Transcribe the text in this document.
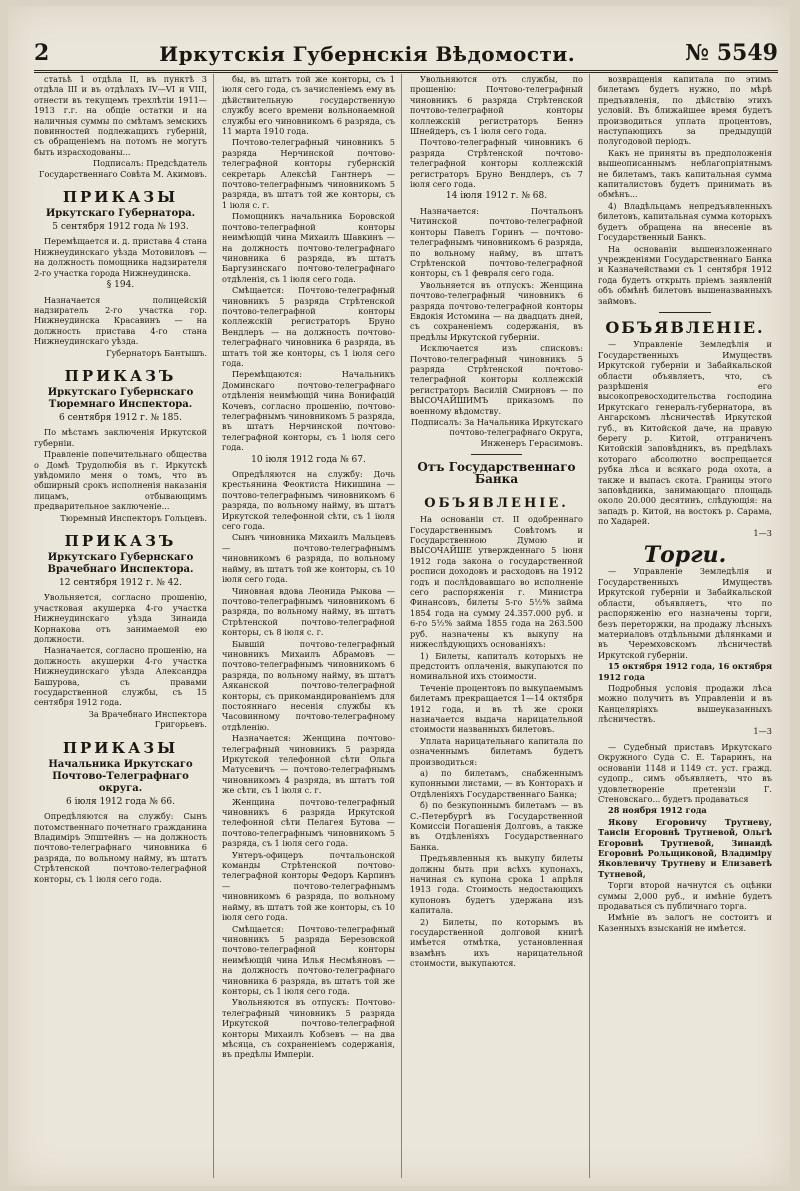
2	Иркутскія Губернскія Вѣдомости.	№ 5549

статьѣ 1 отдѣла II, въ пунктѣ 3 отдѣла III и въ отдѣлахъ IV—VI и VIII, отнести въ текущемъ трехлѣтіи 1911—1913 г.г. на общіе остатки и на наличныя суммы по смѣтамъ земскихъ повинностей подлежащихъ губерній, съ обращеніемъ на потомъ не могутъ быть израсходованы...

Подписалъ: Предсѣдатель Государственнаго Совѣта М. Акимовъ.

ПРИКАЗЫ
Иркутскаго Губернатора.
5 сентября 1912 года № 193.

Перемѣщается и. д. пристава 4 стана Нижнеудинскаго уѣзда Мотовиловъ — на должность помощника надзирателя 2-го участка города Нижнеудинска.

§ 194.

Назначается полицейскій надзиратель 2-го участка гор. Нижнеудинска Красавинъ — на должность пристава 4-го стана Нижнеудинскаго уѣзда.

Губернаторъ Бантышъ.

ПРИКАЗЪ
Иркутскаго Губернскаго Тюремнаго Инспектора.
6 сентября 1912 г. № 185.

По мѣстамъ заключенія Иркутской губерніи.

Правленіе попечительнаго общества о Домѣ Трудолюбія въ г. Иркутскѣ увѣдомило меня о томъ, что въ обширный срокъ исполненія наказанія лицамъ, отбывающимъ предварительное заключеніе...

Тюремный Инспекторъ Гольцевъ.

ПРИКАЗЪ
Иркутскаго Губернскаго Врачебнаго Инспектора.
12 сентября 1912 г. № 42.

Увольняется, согласно прошенію, участковая акушерка 4-го участка Нижнеудинскаго уѣзда Зинаида Корнакова отъ занимаемой ею должности.

Назначается, согласно прошенію, на должность акушерки 4-го участка Нижнеудинскаго уѣзда Александра Башурова, съ правами государственной службы, съ 15 сентября 1912 года.

За Врачебнаго Инспектора Григорьевъ.

ПРИКАЗЫ
Начальника Иркутскаго Почтово-Телеграфнаго округа.
6 іюля 1912 года № 66.

Опредѣляются на службу: Сынъ потомственнаго почетнаго гражданина Владиміръ Эпштейнъ — на должность почтово-телеграфнаго чиновника 6 разряда, по вольному найму, въ штатъ Стрѣтенской почтово-телеграфной конторы, съ 1 іюля сего года.

бы, въ штатъ той же конторы, съ 1 іюля сего года, съ зачисленіемъ ему въ дѣйствительную государственную службу всего времени вольнонаемной службы его чиновникомъ 6 разряда, съ 11 марта 1910 года.

Почтово-телеграфный чиновникъ 5 разряда Нерчинской почтово-телеграфной конторы губернскій секретарь Алексѣй Гантнеръ — почтово-телеграфнымъ чиновникомъ 5 разряда, въ штатъ той же конторы, съ 1 іюля с. г.

Помощникъ начальника Боровской почтово-телеграфной конторы неимѣющій чина Михаилъ Шавкинъ — на должность почтово-телеграфнаго чиновника 6 разряда, въ штатъ Баргузинскаго почтово-телеграфнаго отдѣленія, съ 1 іюля сего года.

Смѣщается: Почтово-телеграфный чиновникъ 5 разряда Стрѣтенской почтово-телеграфной конторы коллежскій регистраторъ Бруно Вендлеръ — на должность почтово-телеграфнаго чиновника 6 разряда, въ штатъ той же конторы, съ 1 іюля сего года.

Перемѣщаются: Начальникъ Доминскаго почтово-телеграфнаго отдѣленія неимѣющій чина Вонифацій Кочевъ, согласно прошенію, почтово-телеграфнымъ чиновникомъ 5 разряда, въ штатъ Нерчинской почтово-телеграфной конторы, съ 1 іюля сего года.

10 іюля 1912 года № 67.

Опредѣляются на службу: Дочь крестьянина Феоктиста Никишина — почтово-телеграфнымъ чиновникомъ 6 разряда, по вольному найму, въ штатъ Иркутской телефонной сѣти, съ 1 іюля сего года.

Сынъ чиновника Михаилъ Мальцевъ — почтово-телеграфнымъ чиновникомъ 6 разряда, по вольному найму, въ штатъ той же конторы, съ 10 іюля сего года.

Чиновная вдова Леонида Рыкова — почтово-телеграфнымъ чиновникомъ 6 разряда, по вольному найму, въ штатъ Стрѣтенской почтово-телеграфной конторы, съ 8 іюля с. г.

Бывшій почтово-телеграфный чиновникъ Михаилъ Абрамовъ — почтово-телеграфнымъ чиновникомъ 6 разряда, по вольному найму, въ штатъ Аяканской почтово-телеграфной конторы, съ прикомандированіемъ для постояннаго несенія службы къ Часовинному почтово-телеграфному отдѣленію.

Назначается: Женщина почтово-телеграфный чиновникъ 5 разряда Иркутской телефонной сѣти Ольга Матусевичъ — почтово-телеграфнымъ чиновникомъ 4 разряда, въ штатъ той же сѣти, съ 1 іюля с. г.

Женщина почтово-телеграфный чиновникъ 6 разряда Иркутской телефонной сѣти Пелагея Бутова — почтово-телеграфнымъ чиновникомъ 5 разряда, съ 1 іюля сего года.

Унтеръ-офицеръ почтальонской команды Стрѣтенской почтово-телеграфной конторы Федоръ Карпинъ — почтово-телеграфнымъ чиновникомъ 6 разряда, по вольному найму, въ штатъ той же конторы, съ 10 іюля сего года.

Смѣщается: Почтово-телеграфный чиновникъ 5 разряда Березовской почтово-телеграфной конторы неимѣющій чина Илья Несмѣяновъ — на должность почтово-телеграфнаго чиновника 6 разряда, въ штатъ той же конторы, съ 1 іюля сего года.

Увольняются въ отпускъ: Почтово-телеграфный чиновникъ 5 разряда Иркутской почтово-телеграфной конторы Михаилъ Кобзевъ — на два мѣсяца, съ сохраненіемъ содержанія, въ предѣлы Имперіи.

Увольняются отъ службы, по прошенію: Почтово-телеграфный чиновникъ 6 разряда Стрѣтенской почтово-телеграфной конторы коллежскій регистраторъ Беннэ Шнейдеръ, съ 1 іюля сего года.

Почтово-телеграфный чиновникъ 6 разряда Стрѣтенской почтово-телеграфной конторы коллежскій регистраторъ Бруно Вендлеръ, съ 7 іюля сего года.

14 іюля 1912 г. № 68.

Назначается: Почтальонъ Читинской почтово-телеграфной конторы Павелъ Горинъ — почтово-телеграфнымъ чиновникомъ 6 разряда, по вольному найму, въ штатъ Стрѣтенской почтово-телеграфной конторы, съ 1 февраля сего года.

Увольняется въ отпускъ: Женщина почтово-телеграфный чиновникъ 6 разряда почтово-телеграфной конторы Евдокія Истомина — на двадцать дней, съ сохраненіемъ содержанія, въ предѣлы Иркутской губерніи.

Исключается изъ списковъ: Почтово-телеграфный чиновникъ 5 разряда Стрѣтенской почтово-телеграфной конторы коллежскій регистраторъ Василій Смирновъ — по ВЫСОЧАЙШИМЪ приказомъ по военному вѣдомству.

Подписалъ: За Начальника Иркутскаго почтово-телеграфнаго Округа, Инженеръ Герасимовъ.

Отъ Государственнаго Банка
ОБЪЯВЛЕНІЕ.

На основаніи ст. II одобреннаго Государственнымъ Совѣтомъ и Государственною Думою и ВЫСОЧАЙШЕ утвержденнаго 5 іюня 1912 года закона о государственной росписи доходовъ и расходовъ на 1912 годъ и послѣдовавшаго во исполненіе сего распоряженія г. Министра Финансовъ, билеты 5-го 5½% займа 1854 года на сумму 24.357.000 руб. и 6-го 5½% займа 1855 года на 263.500 руб. назначены къ выкупу на нижеслѣдующихъ основаніяхъ:

1) Билеты, капиталъ которыхъ не предстоитъ оплаченія, выкупаются по номинальной ихъ стоимости.

Теченіе процентовъ по выкупаемымъ билетамъ прекращается 1—14 октября 1912 года, и въ тѣ же сроки назначается выдача нарицательной стоимости названныхъ билетовъ.

Уплата нарицательнаго капитала по означеннымъ билетамъ будетъ производиться:

а) по билетамъ, снабженнымъ купонными листами, — въ Конторахъ и Отдѣленіяхъ Государственнаго Банка;

б) по безкупоннымъ билетамъ — въ С.-Петербургѣ въ Государственной Комиссіи Погашенія Долговъ, а также въ Отдѣленіяхъ Государственнаго Банка.

Предъявленныя къ выкупу билеты должны быть при всѣхъ купонахъ, начиная съ купона срока 1 апрѣля 1913 года. Стоимость недостающихъ купоновъ будетъ удержана изъ капитала.

2) Билеты, по которымъ въ государственной долговой книгѣ имѣется отмѣтка, установленная взамѣнъ ихъ нарицательной стоимости, выкупаются.

возвращенія капитала по этимъ билетамъ будетъ нужно, по мѣрѣ предъявленія, по дѣйствію этихъ условій. Въ ближайшее время будетъ производиться уплата процентовъ, наступающихъ за предыдущій полугодовой періодъ.

Какъ не приняты въ предположенія вышеописаннымъ неблагопріятнымъ не билетамъ, такъ капитальная сумма капиталистовъ будетъ принимать въ обмѣнъ...

4) Владѣльцамъ непредъявленныхъ билетовъ, капитальная сумма которыхъ будетъ обращена на внесеніе въ Государственный Банкъ.

На основаніи вышеизложеннаго учрежденіями Государственнаго Банка и Казначействами съ 1 сентября 1912 года будетъ открыть пріемъ заявленій объ обмѣнѣ билетовъ вышеназванныхъ займовъ.

ОБЪЯВЛЕНІЕ.

— Управленіе Земледѣлія и Государственныхъ Имуществъ Иркутской губерніи и Забайкальской области объявляетъ, что, съ разрѣшенія его высокопревосходительства господина Иркутскаго генералъ-губернатора, въ Ангарскомъ лѣсничествѣ Иркутской губ., въ Китойской даче, на правую берегу р. Китой, отграниченъ Китойскій заповѣдникъ, въ предѣлахъ котораго абсолютно воспрещается рубка лѣса и всякаго рода охота, а также и выпасъ скота. Границы этого заповѣдника, занимающаго площадь около 20.000 десятинъ, слѣдующія: на западъ р. Китой, на востокъ р. Сарама, по Хадарей.

1—3

Торги.

— Управленіе Земледѣлія и Государственныхъ Имуществъ Иркутской губерніи и Забайкальской области, объявляетъ, что по распоряженію его назначены торги, безъ переторжки, на продажу лѣсныхъ материаловъ отдѣльными дѣлянками и въ Черемховскомъ лѣсничествѣ Иркутской губерніи.

15 октября 1912 года, 16 октября 1912 года

Подробныя условія продажи лѣса можно получить въ Управленіи и въ Канцеляріяхъ вышеуказанныхъ лѣсничествъ.

1—3

— Судебный приставъ Иркутскаго Окружного Суда С. Е. Тараринъ, на основаніи 1148 и 1149 ст. уст. гражд. судопр., симъ объявляетъ, что въ удовлетвореніе претензіи Г. Стеновскаго... будетъ продаваться

28 ноября 1912 года

Якову Егоровичу Трутневу, Таисіи Егоровнѣ Трутневой, Ольгѣ Егоровнѣ Трутневой, Зинаидѣ Егоровнѣ Рольщиковой, Владиміру Яковлевичу Трутневу и Елизаветѣ Тутневой,

Торги второй начнутся съ оцѣнки суммы 2,000 руб., и имѣніе будетъ продаваться съ публичнаго торга.

Имѣніе въ залогъ не состоитъ и Казенныхъ взысканій не имѣется.
